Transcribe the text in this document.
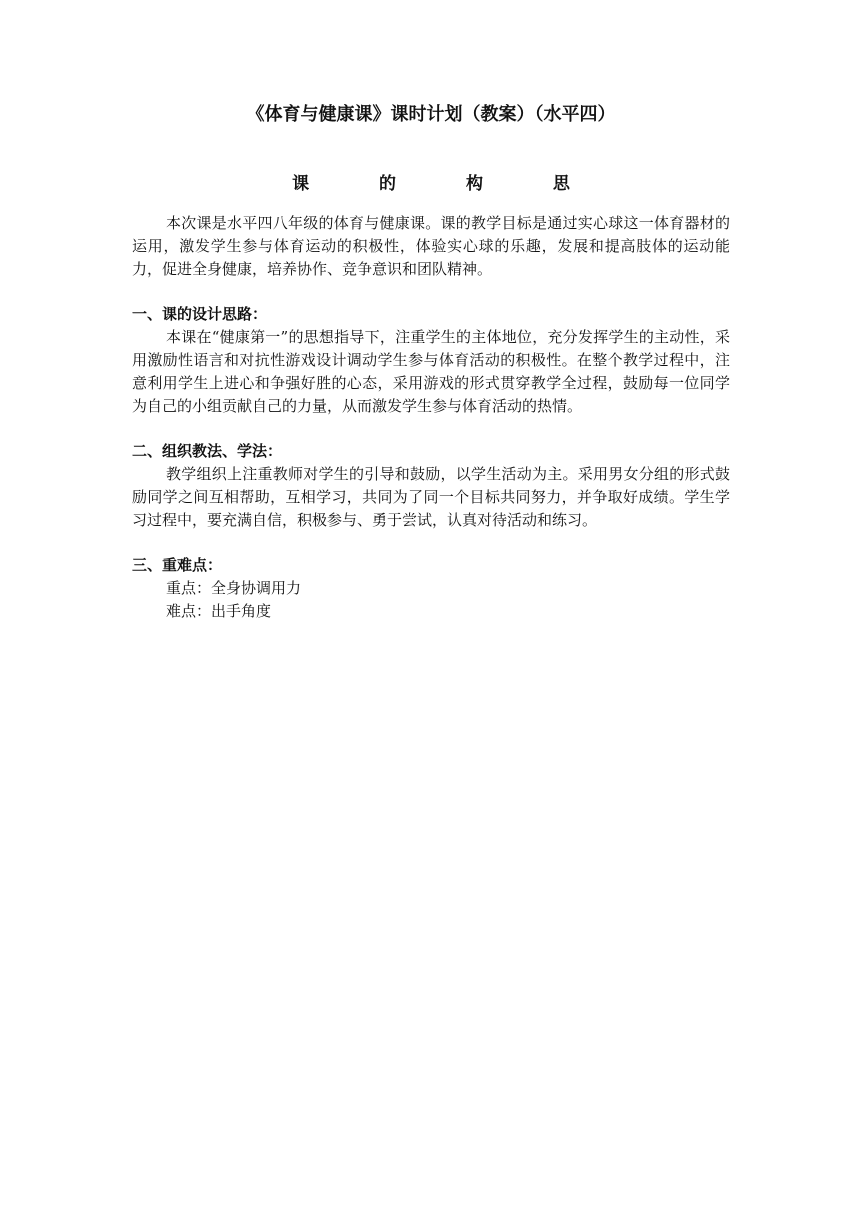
《体育与健康课》课时计划（教案）（水平四）
课 的 构 思

本次课是水平四八年级的体育与健康课。课的教学目标是通过实心球这一体育器材的运用，激发学生参与体育运动的积极性，体验实心球的乐趣，发展和提高肢体的运动能力，促进全身健康，培养协作、竞争意识和团队精神。

一、课的设计思路：

本课在“健康第一”的思想指导下，注重学生的主体地位，充分发挥学生的主动性，采用激励性语言和对抗性游戏设计调动学生参与体育活动的积极性。在整个教学过程中，注意利用学生上进心和争强好胜的心态，采用游戏的形式贯穿教学全过程，鼓励每一位同学为自己的小组贡献自己的力量，从而激发学生参与体育活动的热情。

二、组织教法、学法：

教学组织上注重教师对学生的引导和鼓励，以学生活动为主。采用男女分组的形式鼓励同学之间互相帮助，互相学习，共同为了同一个目标共同努力，并争取好成绩。学生学习过程中，要充满自信，积极参与、勇于尝试，认真对待活动和练习。

三、重难点：

重点：全身协调用力

难点：出手角度
